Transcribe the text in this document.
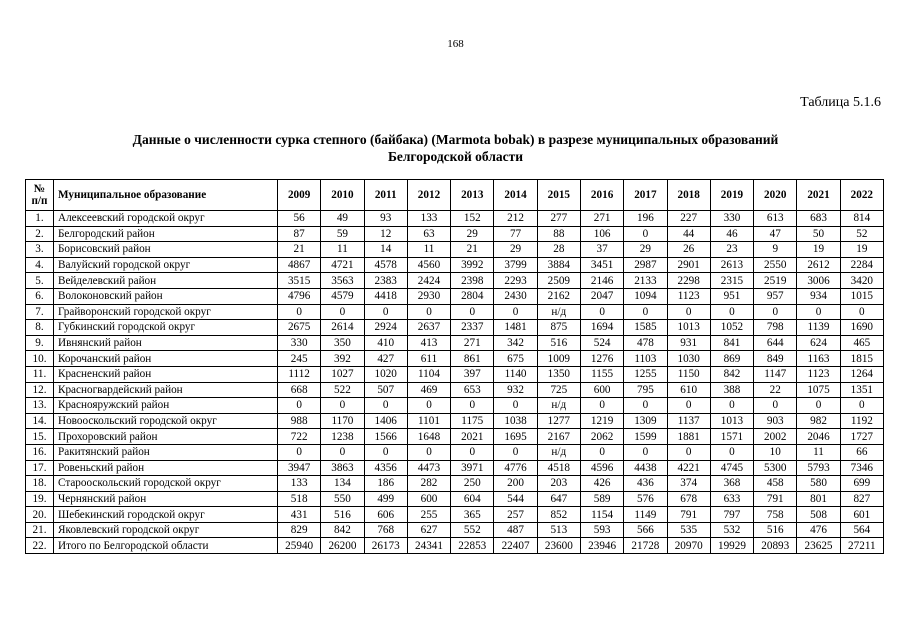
168
Таблица 5.1.6
Данные о численности сурка степного (байбака) (Marmota bobak) в разрезе муниципальных образований
Белгородской области
№
п/п	Муниципальное образование	2009	2010	2011	2012	2013	2014	2015	2016	2017	2018	2019	2020	2021	2022
1.	Алексеевский городской округ	56	49	93	133	152	212	277	271	196	227	330	613	683	814
2.	Белгородский район	87	59	12	63	29	77	88	106	0	44	46	47	50	52
3.	Борисовский район	21	11	14	11	21	29	28	37	29	26	23	9	19	19
4.	Валуйский городской округ	4867	4721	4578	4560	3992	3799	3884	3451	2987	2901	2613	2550	2612	2284
5.	Вейделевский район	3515	3563	2383	2424	2398	2293	2509	2146	2133	2298	2315	2519	3006	3420
6.	Волоконовский район	4796	4579	4418	2930	2804	2430	2162	2047	1094	1123	951	957	934	1015
7.	Грайворонский городской округ	0	0	0	0	0	0	н/д	0	0	0	0	0	0	0
8.	Губкинский городской округ	2675	2614	2924	2637	2337	1481	875	1694	1585	1013	1052	798	1139	1690
9.	Ивнянский район	330	350	410	413	271	342	516	524	478	931	841	644	624	465
10.	Корочанский район	245	392	427	611	861	675	1009	1276	1103	1030	869	849	1163	1815
11.	Красненский район	1112	1027	1020	1104	397	1140	1350	1155	1255	1150	842	1147	1123	1264
12.	Красногвардейский район	668	522	507	469	653	932	725	600	795	610	388	22	1075	1351
13.	Краснояружский район	0	0	0	0	0	0	н/д	0	0	0	0	0	0	0
14.	Новооскольский городской округ	988	1170	1406	1101	1175	1038	1277	1219	1309	1137	1013	903	982	1192
15.	Прохоровский район	722	1238	1566	1648	2021	1695	2167	2062	1599	1881	1571	2002	2046	1727
16.	Ракитянский район	0	0	0	0	0	0	н/д	0	0	0	0	10	11	66
17.	Ровеньский район	3947	3863	4356	4473	3971	4776	4518	4596	4438	4221	4745	5300	5793	7346
18.	Старооскольский городской округ	133	134	186	282	250	200	203	426	436	374	368	458	580	699
19.	Чернянский район	518	550	499	600	604	544	647	589	576	678	633	791	801	827
20.	Шебекинский городской округ	431	516	606	255	365	257	852	1154	1149	791	797	758	508	601
21.	Яковлевский городской округ	829	842	768	627	552	487	513	593	566	535	532	516	476	564
22.	Итого по Белгородской области	25940	26200	26173	24341	22853	22407	23600	23946	21728	20970	19929	20893	23625	27211
